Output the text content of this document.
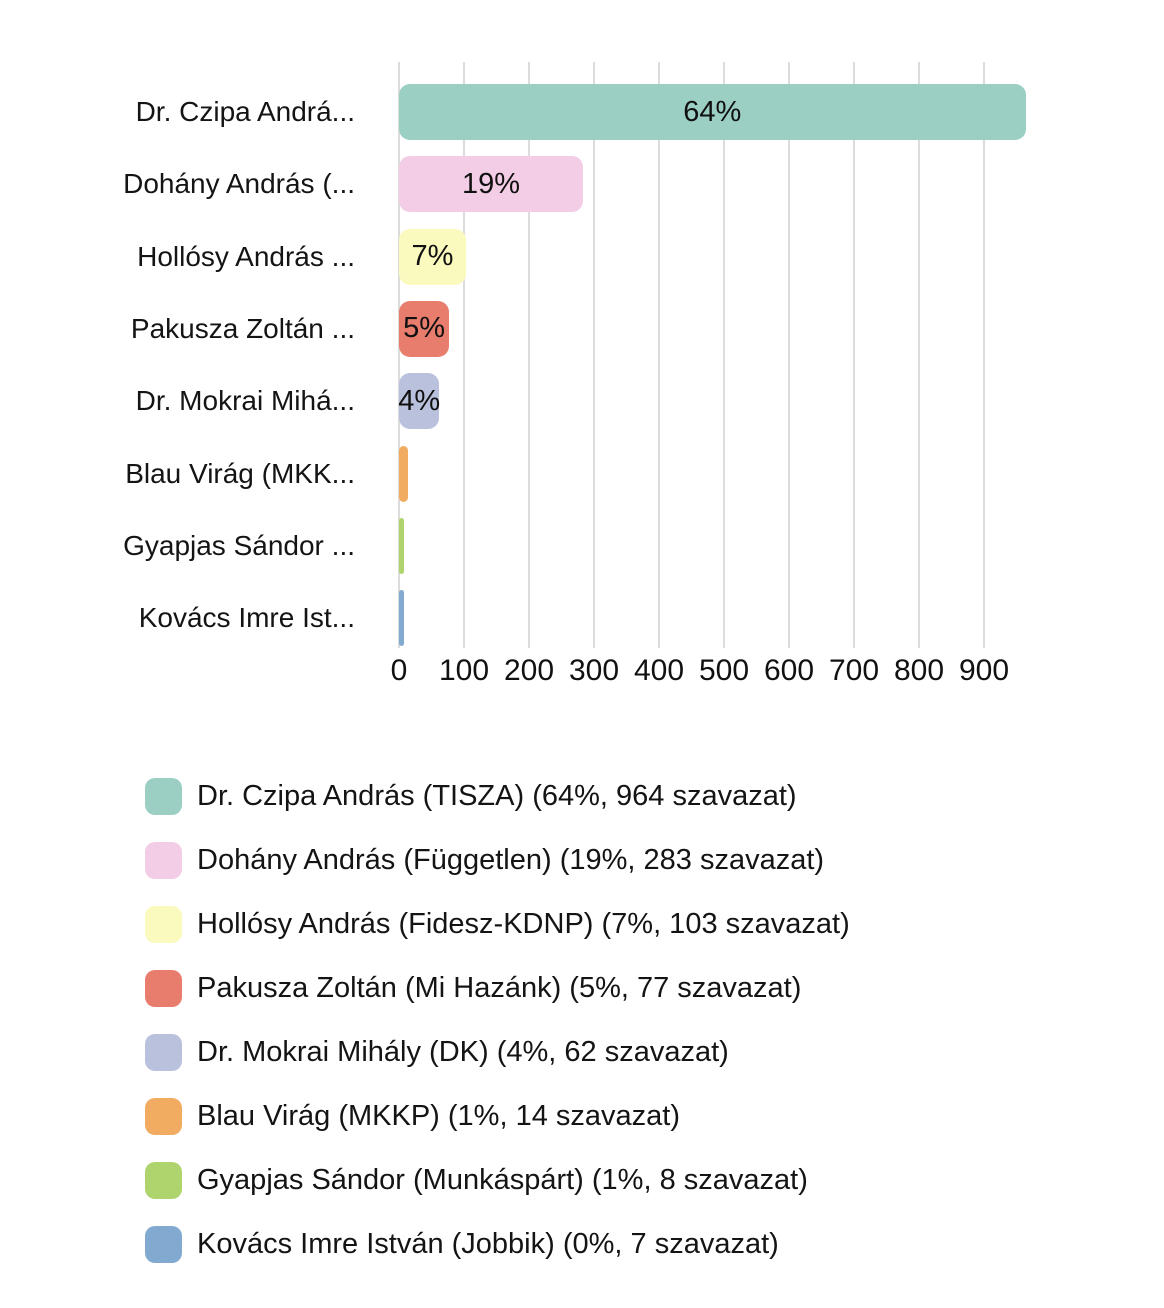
Dr. Czipa Andrá...	64%
Dohány András (...	19%
Hollósy András ... 7%
Pakusza Zoltán ... 5%
Dr. Mokrai Mihá... 4%
Blau Virág (MKK...
Gyapjas Sándor ...
Kovács Imre Ist...
0 100 200 300 400 500 600 700 800 900
Dr. Czipa András (TISZA) (64%, 964 szavazat)
Dohány András (Független) (19%, 283 szavazat)
Hollósy András (Fidesz-KDNP) (7%, 103 szavazat)
Pakusza Zoltán (Mi Hazánk) (5%, 77 szavazat)
Dr. Mokrai Mihály (DK) (4%, 62 szavazat)
Blau Virág (MKKP) (1%, 14 szavazat)
Gyapjas Sándor (Munkáspárt) (1%, 8 szavazat)
Kovács Imre István (Jobbik) (0%, 7 szavazat)
